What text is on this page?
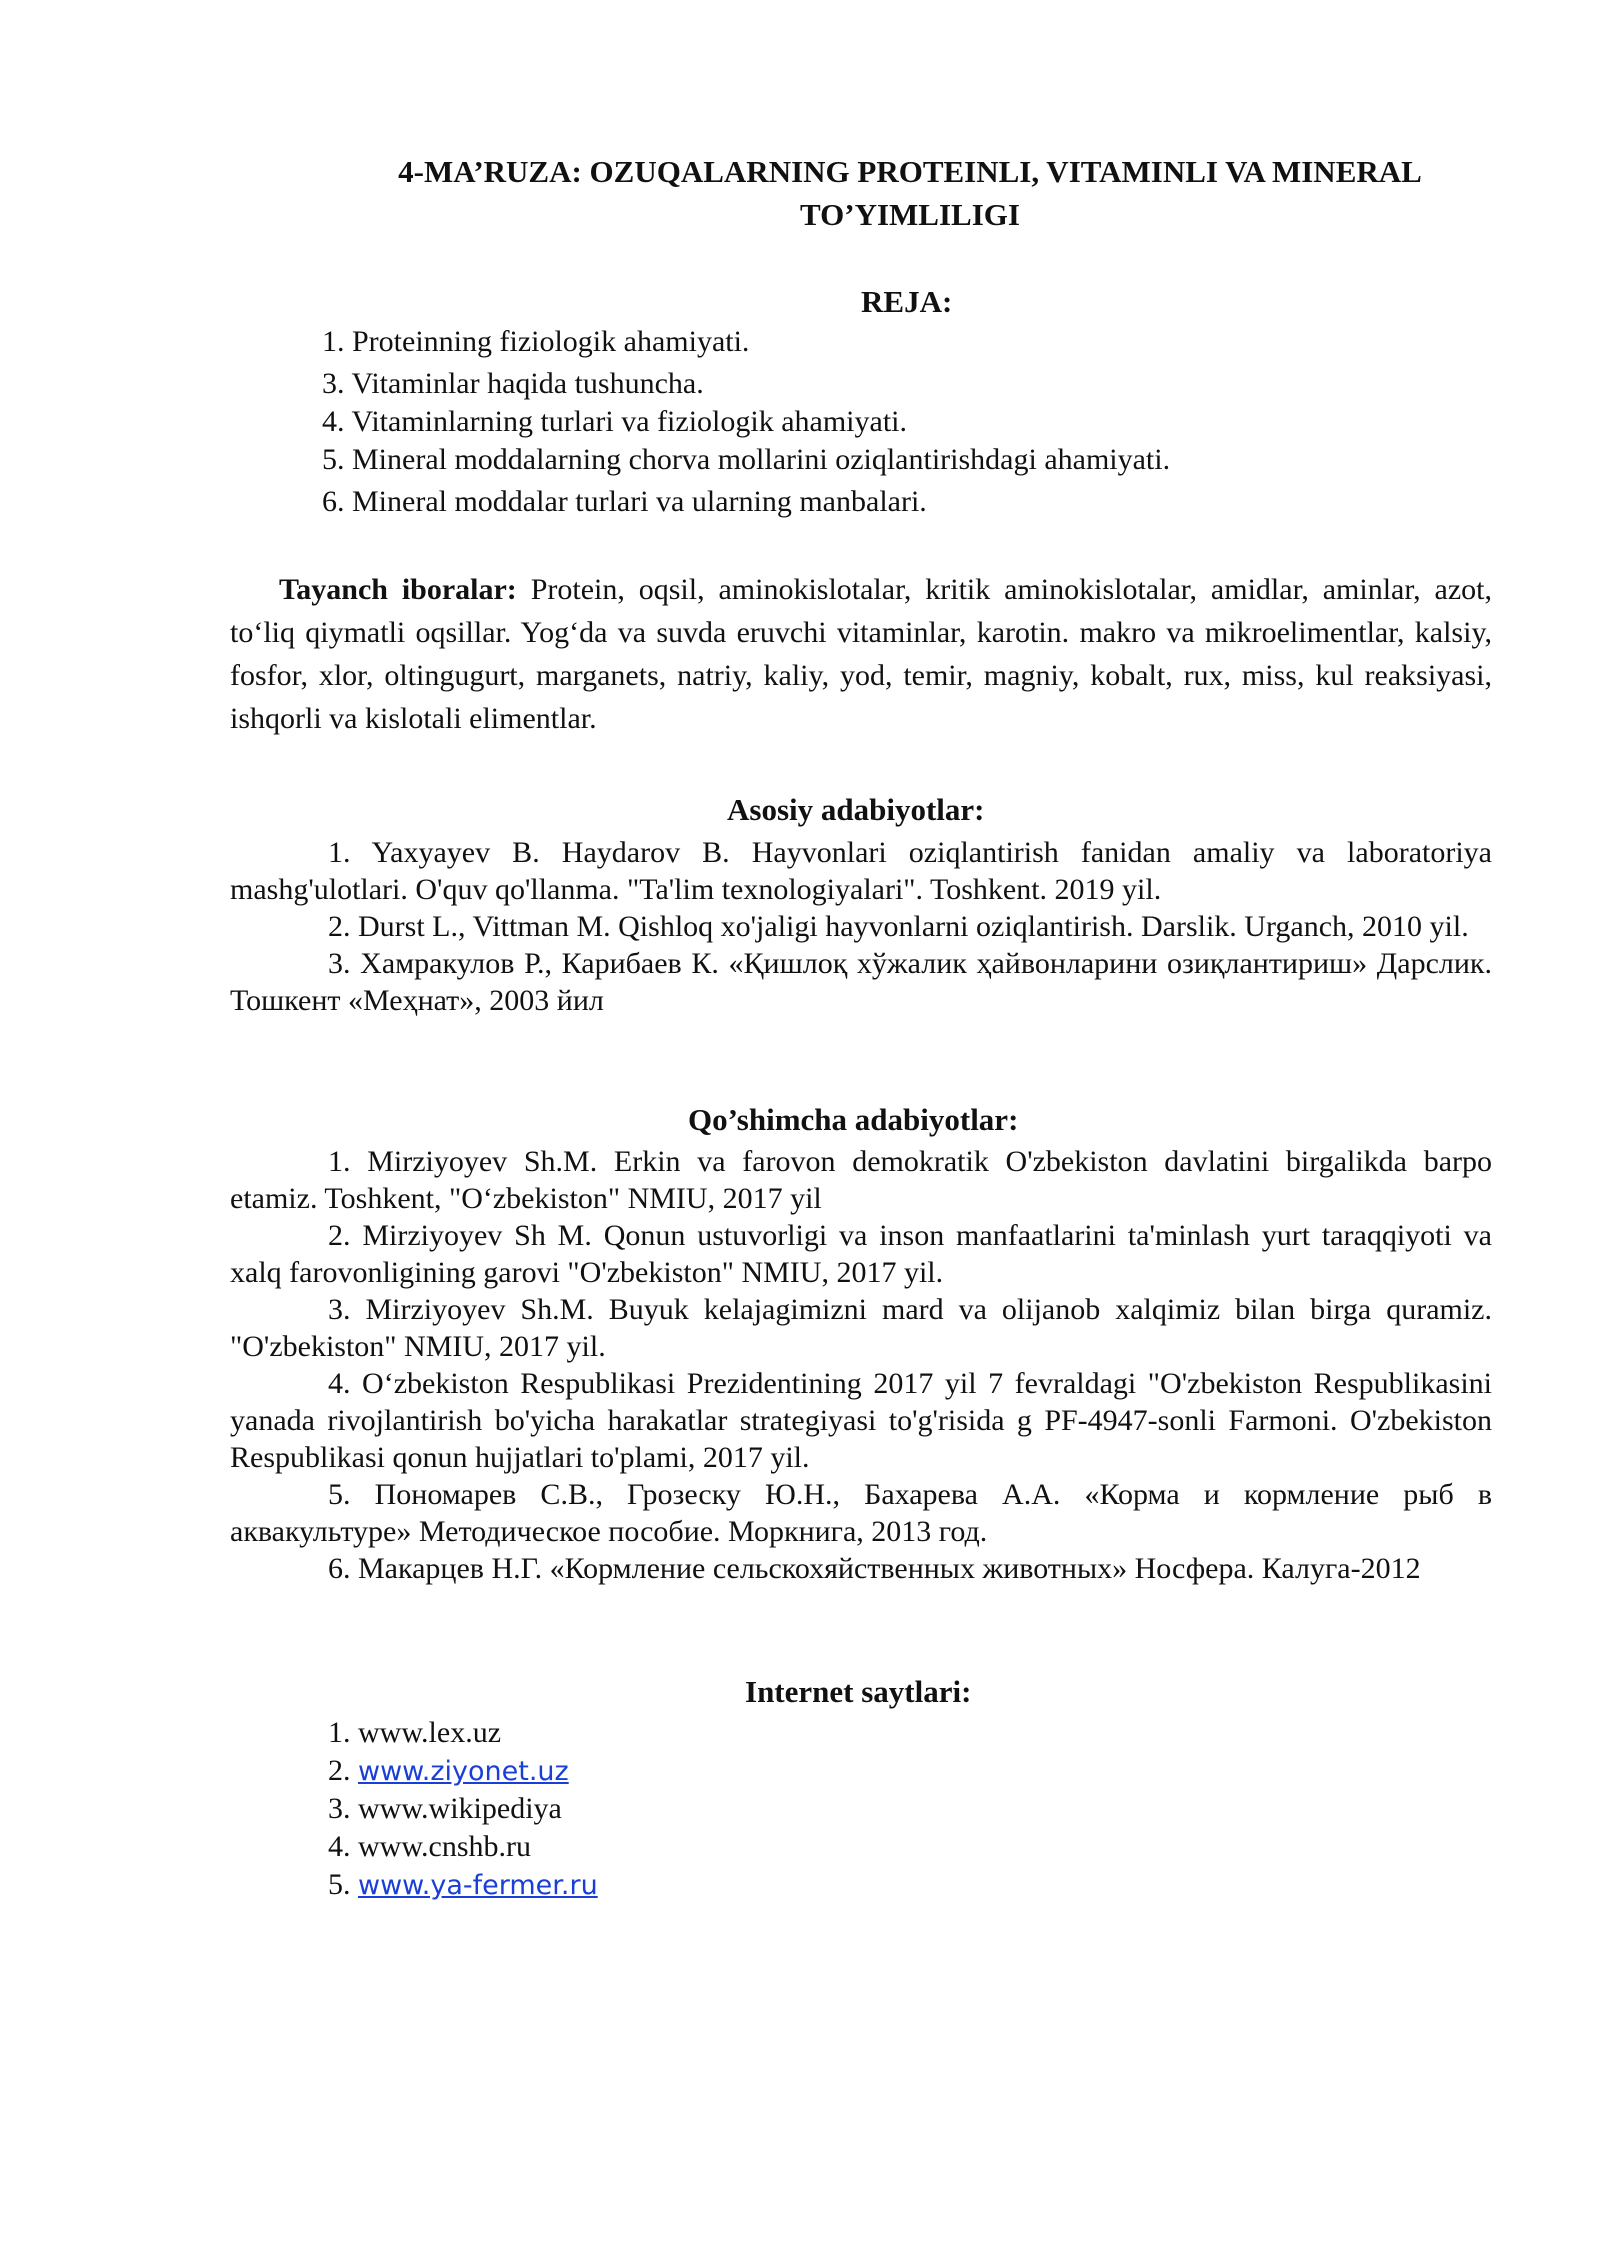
4-MA’RUZA: OZUQALARNING PROTEINLI, VITAMINLI VA MINERAL TO’YIMLILIGI
REJA:
1. Proteinning fiziologik ahamiyati.
3. Vitaminlar haqida tushuncha.
4. Vitaminlarning turlari va fiziologik ahamiyati.
5. Mineral moddalarning chorva mollarini oziqlantirishdagi ahamiyati.
6. Mineral moddalar turlari va ularning manbalari.

Tayanch iboralar: Protein, oqsil, aminokislotalar, kritik aminokislotalar, amidlar, aminlar, azot, to‘liq qiymatli oqsillar. Yog‘da va suvda eruvchi vitaminlar, karotin. makro va mikroelimentlar, kalsiy, fosfor, xlor, oltingugurt, marganets, natriy, kaliy, yod, temir, magniy, kobalt, rux, miss, kul reaksiyasi, ishqorli va kislotali elimentlar.

Asosiy adabiyotlar:

1. Yaxyayev B. Haydarov B. Hayvonlari oziqlantirish fanidan amaliy va laboratoriya mashg'ulotlari. O'quv qo'llanma. "Ta'lim texnologiyalari". Toshkent. 2019 yil.

2. Durst L., Vittman M. Qishloq xo'jaligi hayvonlarni oziqlantirish. Darslik. Urganch, 2010 yil.

3. Хамракулов Р., Карибаев К. «Қишлоқ хўжалик ҳайвонларини озиқлантириш» Дарслик. Тошкент «Меҳнат», 2003 йил

Qo’shimcha adabiyotlar:

1. Mirziyoyev Sh.M. Erkin va farovon demokratik O'zbekiston davlatini birgalikda barpo etamiz. Toshkent, "O‘zbekiston" NMIU, 2017 yil

2. Mirziyoyev Sh M. Qonun ustuvorligi va inson manfaatlarini ta'minlash yurt taraqqiyoti va xalq farovonligining garovi "O'zbekiston" NMIU, 2017 yil.

3. Mirziyoyev Sh.M. Buyuk kelajagimizni mard va olijanob xalqimiz bilan birga quramiz. "O'zbekiston" NMIU, 2017 yil.

4. O‘zbekiston Respublikasi Prezidentining 2017 yil 7 fevraldagi "O'zbekiston Respublikasini yanada rivojlantirish bo'yicha harakatlar strategiyasi to'g'risida g PF-4947-sonli Farmoni. O'zbekiston Respublikasi qonun hujjatlari to'plami, 2017 yil.

5. Пономарев С.В., Грозеску Ю.Н., Бахарева А.А. «Корма и кормление рыб в аквакультуре» Методическое пособие. Моркнига, 2013 год.

6. Макарцев Н.Г. «Кормление сельскохяйственных животных» Носфера. Калуга-2012

Internet saytlari:
1. www.lex.uz
2. www.ziyonet.uz
3. www.wikipediya
4. www.cnshb.ru
5. www.ya-fermer.ru
